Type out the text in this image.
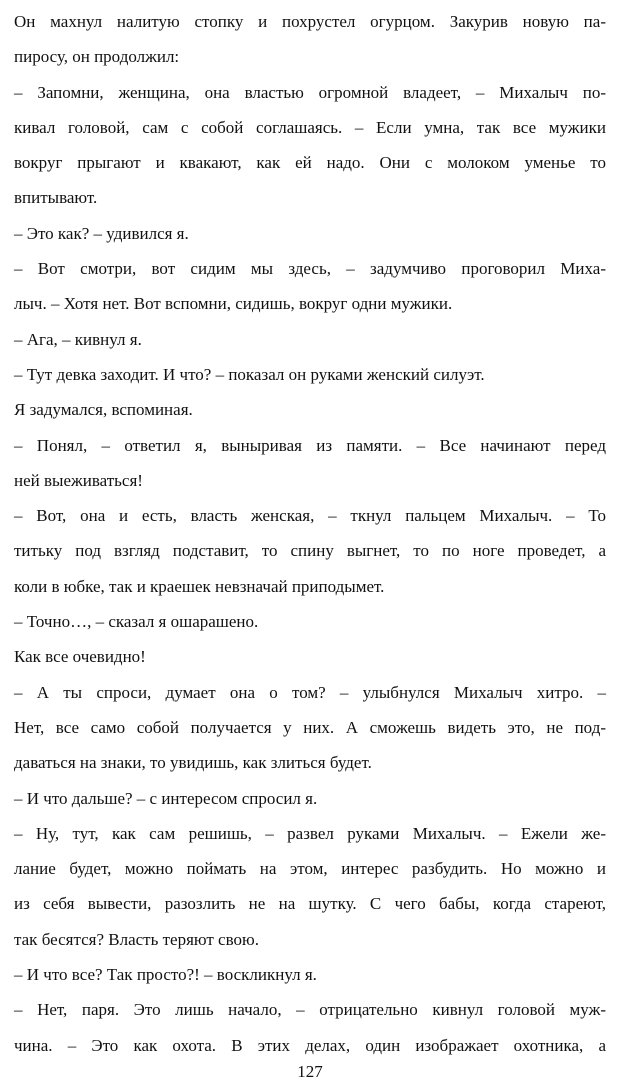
Он махнул налитую стопку и похрустел огурцом. Закурив новую па-
пиросу, он продолжил:
– Запомни, женщина, она властью огромной владеет, – Михалыч по-
кивал головой, сам с собой соглашаясь. – Если умна, так все мужики
вокруг прыгают и квакают, как ей надо. Они с молоком уменье то
впитывают.
– Это как? – удивился я.
– Вот смотри, вот сидим мы здесь, – задумчиво проговорил Миха-
лыч. – Хотя нет. Вот вспомни, сидишь, вокруг одни мужики.
– Ага, – кивнул я.
– Тут девка заходит. И что? – показал он руками женский силуэт.
Я задумался, вспоминая.
– Понял, – ответил я, выныривая из памяти. – Все начинают перед
ней выеживаться!
– Вот, она и есть, власть женская, – ткнул пальцем Михалыч. – То
титьку под взгляд подставит, то спину выгнет, то по ноге проведет, а
коли в юбке, так и краешек невзначай приподымет.
– Точно…, – сказал я ошарашено.
Как все очевидно!
– А ты спроси, думает она о том? – улыбнулся Михалыч хитро. –
Нет, все само собой получается у них. А сможешь видеть это, не под-
даваться на знаки, то увидишь, как злиться будет.
– И что дальше? – с интересом спросил я.
– Ну, тут, как сам решишь, – развел руками Михалыч. – Ежели же-
лание будет, можно поймать на этом, интерес разбудить. Но можно и
из себя вывести, разозлить не на шутку. С чего бабы, когда стареют,
так бесятся? Власть теряют свою.
– И что все? Так просто?! – воскликнул я.
– Нет, паря. Это лишь начало, – отрицательно кивнул головой муж-
чина. – Это как охота. В этих делах, один изображает охотника, а
127
